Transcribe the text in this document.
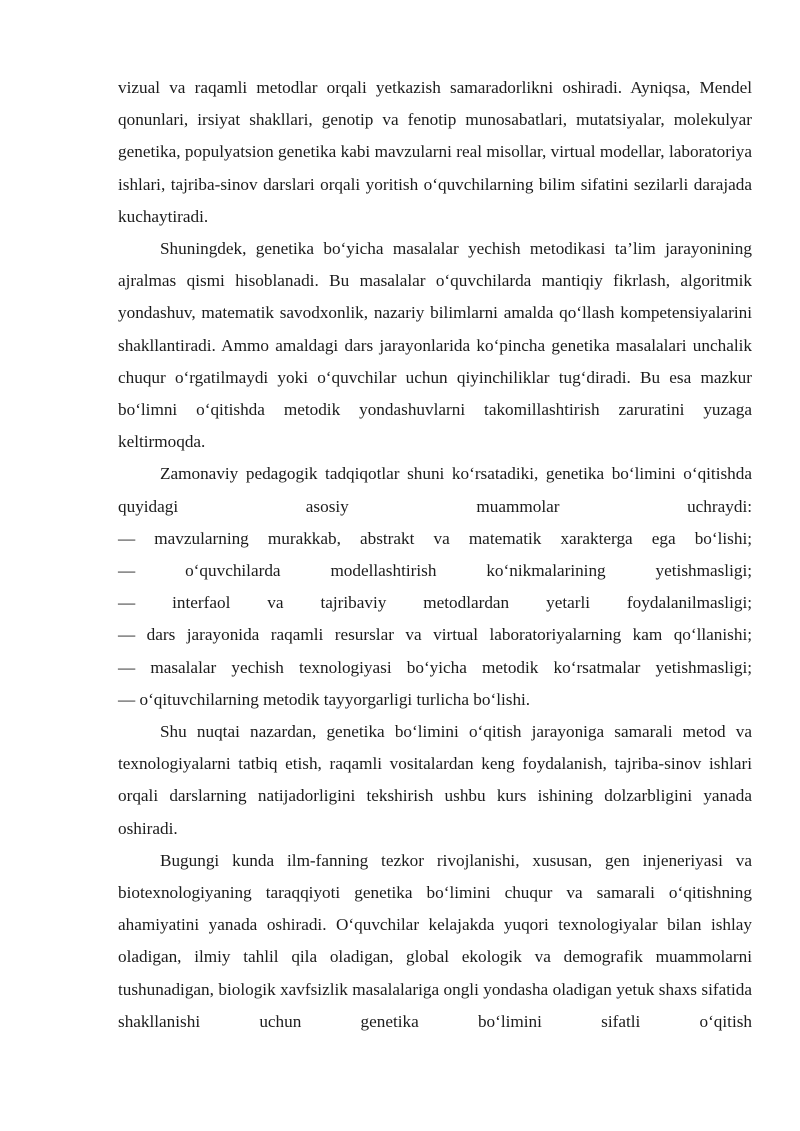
vizual va raqamli metodlar orqali yetkazish samaradorlikni oshiradi. Ayniqsa, Mendel qonunlari, irsiyat shakllari, genotip va fenotip munosabatlari, mutatsiyalar, molekulyar genetika, populyatsion genetika kabi mavzularni real misollar, virtual modellar, laboratoriya ishlari, tajriba-sinov darslari orqali yoritish o‘quvchilarning bilim sifatini sezilarli darajada kuchaytiradi.

Shuningdek, genetika bo‘yicha masalalar yechish metodikasi ta’lim jarayonining ajralmas qismi hisoblanadi. Bu masalalar o‘quvchilarda mantiqiy fikrlash, algoritmik yondashuv, matematik savodxonlik, nazariy bilimlarni amalda qo‘llash kompetensiyalarini shakllantiradi. Ammo amaldagi dars jarayonlarida ko‘pincha genetika masalalari unchalik chuqur o‘rgatilmaydi yoki o‘quvchilar uchun qiyinchiliklar tug‘diradi. Bu esa mazkur bo‘limni o‘qitishda metodik yondashuvlarni takomillashtirish zaruratini yuzaga keltirmoqda.

Zamonaviy pedagogik tadqiqotlar shuni ko‘rsatadiki, genetika bo‘limini o‘qitishda quyidagi asosiy muammolar uchraydi:

— mavzularning murakkab, abstrakt va matematik xarakterga ega bo‘lishi;

— o‘quvchilarda modellashtirish ko‘nikmalarining yetishmasligi;

— interfaol va tajribaviy metodlardan yetarli foydalanilmasligi;

— dars jarayonida raqamli resurslar va virtual laboratoriyalarning kam qo‘llanishi;

— masalalar yechish texnologiyasi bo‘yicha metodik ko‘rsatmalar yetishmasligi;

— o‘qituvchilarning metodik tayyorgarligi turlicha bo‘lishi.

Shu nuqtai nazardan, genetika bo‘limini o‘qitish jarayoniga samarali metod va texnologiyalarni tatbiq etish, raqamli vositalardan keng foydalanish, tajriba-sinov ishlari orqali darslarning natijadorligini tekshirish ushbu kurs ishining dolzarbligini yanada oshiradi.

Bugungi kunda ilm-fanning tezkor rivojlanishi, xususan, gen injeneriyasi va biotexnologiyaning taraqqiyoti genetika bo‘limini chuqur va samarali o‘qitishning ahamiyatini yanada oshiradi. O‘quvchilar kelajakda yuqori texnologiyalar bilan ishlay oladigan, ilmiy tahlil qila oladigan, global ekologik va demografik muammolarni tushunadigan, biologik xavfsizlik masalalariga ongli yondasha oladigan yetuk shaxs sifatida shakllanishi uchun genetika bo‘limini sifatli o‘qitish
